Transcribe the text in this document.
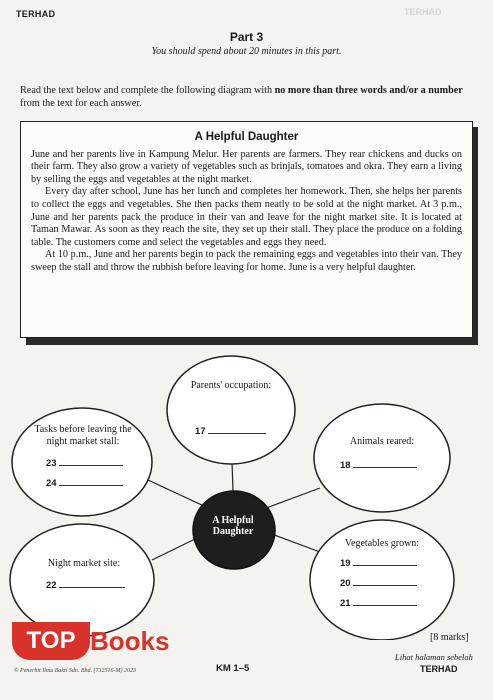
TERHAD	TERHAD
Part 3
You should spend about 20 minutes in this part.
Read the text below and complete the following diagram with no more than three words and/or a number from the text for each answer.
A Helpful Daughter

June and her parents live in Kampung Melur. Her parents are farmers. They rear chickens and ducks on their farm. They also grow a variety of vegetables such as brinjals, tomatoes and okra. They earn a living by selling the eggs and vegetables at the night market.

Every day after school, June has her lunch and completes her homework. Then, she helps her parents to collect the eggs and vegetables. She then packs them neatly to be sold at the night market. At 3 p.m., June and her parents pack the produce in their van and leave for the night market site. It is located at Taman Mawar. As soon as they reach the site, they set up their stall. They place the produce on a folding table. The customers come and select the vegetables and eggs they need.

At 10 p.m., June and her parents begin to pack the remaining eggs and vegetables into their van. They sweep the stall and throw the rubbish before leaving for home. June is a very helpful daughter.

A Helpful Daughter
Parents' occupation:
17
Tasks before leaving the night market stall:
23
24
Animals reared:
18
Night market site:
22
Vegetables grown:
19
20
21
[8 marks]
TOP Books
© Penerbit Ilmu Bakti Sdn. Bhd. (732516-M) 2023	KM 1–5
Lihat halaman sebelah
TERHAD
